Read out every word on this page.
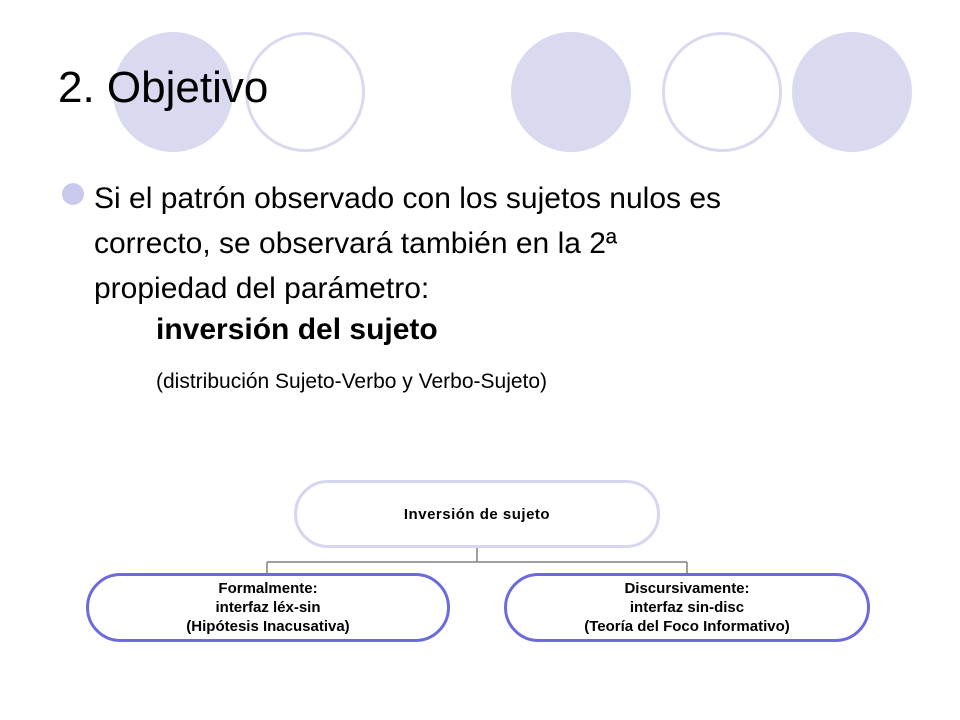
2. Objetivo
Si el patrón observado con los sujetos nulos es
correcto, se observará también en la 2ª
propiedad del parámetro:
inversión del sujeto
(distribución Sujeto-Verbo y Verbo-Sujeto)
Inversión de sujeto
Formalmente:
interfaz léx-sin
(Hipótesis Inacusativa)
Discursivamente:
interfaz sin-disc
(Teoría del Foco Informativo)
